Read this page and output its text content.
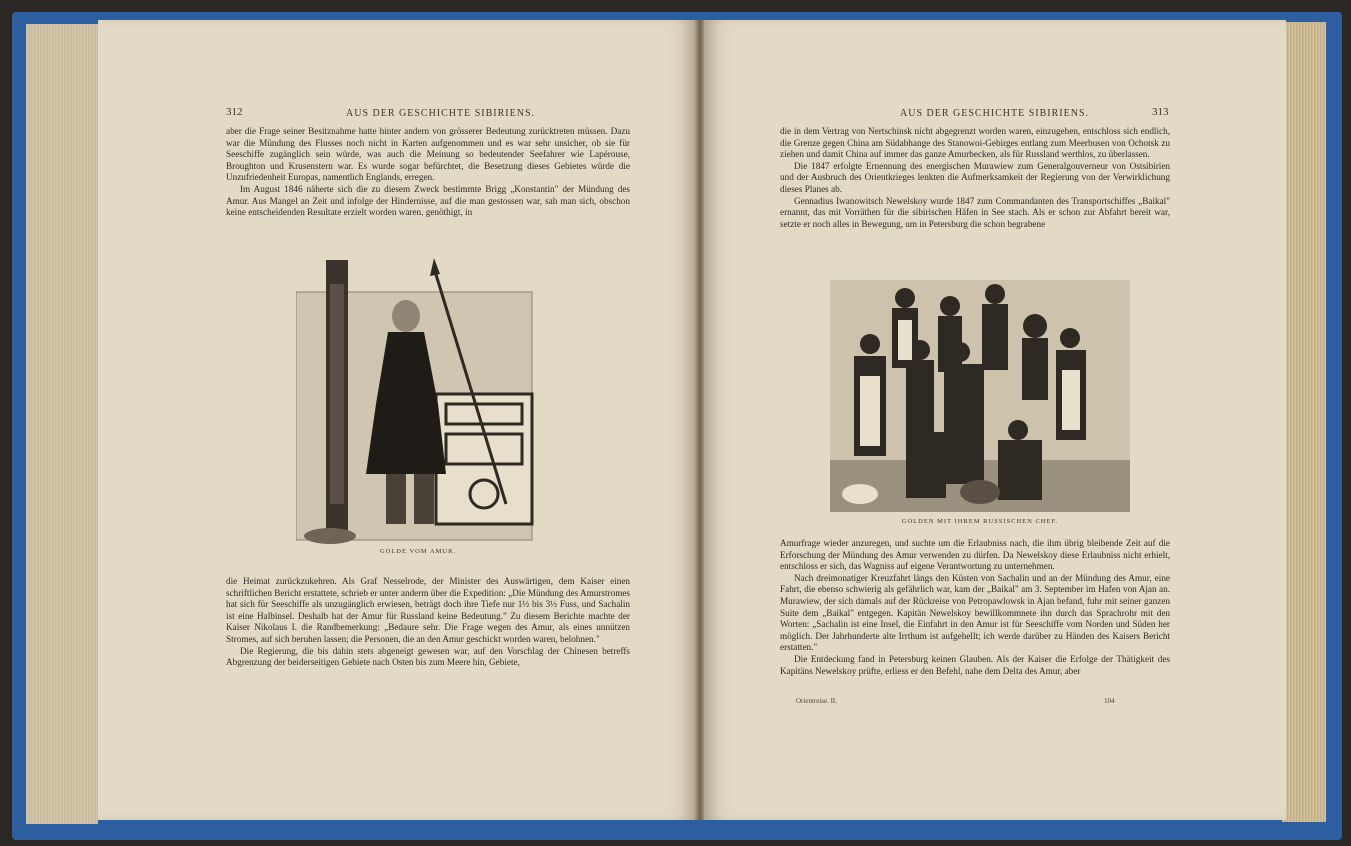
312	AUS DER GESCHICHTE SIBIRIENS.

aber die Frage seiner Besitznahme hatte hinter andern von grösserer Bedeutung zurücktreten müssen. Dazu war die Mündung des Flusses noch nicht in Karten aufgenommen und es war sehr unsicher, ob sie für Seeschiffe zugänglich sein würde, was auch die Meinung so bedeutender Seefahrer wie Lapérouse, Broughton und Krusenstern war. Es wurde sogar befürchtet, die Besetzung dieses Gebietes würde die Unzufriedenheit Europas, namentlich Englands, erregen.

Im August 1846 näherte sich die zu diesem Zweck bestimmte Brigg „Konstantin" der Mündung des Amur. Aus Mangel an Zeit und infolge der Hindernisse, auf die man gestossen war, sah man sich, obschon keine entscheidenden Resultate erzielt worden waren, genöthigt, in

GOLDE VOM AMUR.

die Heimat zurückzukehren. Als Graf Nesselrode, der Minister des Auswärtigen, dem Kaiser einen schriftlichen Bericht erstattete, schrieb er unter anderm über die Expedition: „Die Mündung des Amurstromes hat sich für Seeschiffe als unzugänglich erwiesen, beträgt doch ihre Tiefe nur 1½ bis 3½ Fuss, und Sachalin ist eine Halbinsel. Deshalb hat der Amur für Russland keine Bedeutung." Zu diesem Berichte machte der Kaiser Nikolaus I. die Randbemerkung: „Bedaure sehr. Die Frage wegen des Amur, als eines unnützen Stromes, auf sich beruhen lassen; die Personen, die an den Amur geschickt worden waren, belohnen."

Die Regierung, die bis dahin stets abgeneigt gewesen war, auf den Vorschlag der Chinesen betreffs Abgrenzung der beiderseitigen Gebiete nach Osten bis zum Meere hin, Gebiete,

AUS DER GESCHICHTE SIBIRIENS.	313

die in dem Vertrag von Nertschinsk nicht abgegrenzt worden waren, einzugehen, entschloss sich endlich, die Grenze gegen China am Südabhange des Stanowoi-Gebirges entlang zum Meerbusen von Ochotsk zu ziehen und damit China auf immer das ganze Amurbecken, als für Russland werthlos, zu überlassen.

Die 1847 erfolgte Ernennung des energischen Murawiew zum Generalgouverneur von Ostsibirien und der Ausbruch des Orientkrieges lenkten die Aufmerksamkeit der Regierung von der Verwirklichung dieses Planes ab.

Gennadius Iwanowitsch Newelskoy wurde 1847 zum Commandanten des Transportschiffes „Baikal" ernannt, das mit Vorräthen für die sibirischen Häfen in See stach. Als er schon zur Abfahrt bereit war, setzte er noch alles in Bewegung, um in Petersburg die schon begrabene

GOLDEN MIT IHREM RUSSISCHEN CHEF.

Amurfrage wieder anzuregen, und suchte um die Erlaubniss nach, die ihm übrig bleibende Zeit auf die Erforschung der Mündung des Amur verwenden zu dürfen. Da Newelskoy diese Erlaubniss nicht erhielt, entschloss er sich, das Wagniss auf eigene Verantwortung zu unternehmen.

Nach dreimonatiger Kreuzfahrt längs den Küsten von Sachalin und an der Mündung des Amur, eine Fahrt, die ebenso schwierig als gefährlich war, kam der „Baikal" am 3. September im Hafen von Ajan an. Murawiew, der sich damals auf der Rückreise von Petropawlowsk in Ajan befand, fuhr mit seiner ganzen Suite dem „Baikal" entgegen. Kapitän Newelskoy bewillkommnete ihn durch das Sprachrohr mit den Worten: „Sachalin ist eine Insel, die Einfahrt in den Amur ist für Seeschiffe vom Norden und Süden her möglich. Der Jahrhunderte alte Irrthum ist aufgehellt; ich werde darüber zu Händen des Kaisers Bericht erstatten."

Die Entdeckung fand in Petersburg keinen Glauben. Als der Kaiser die Erfolge der Thätigkeit des Kapitäns Newelskoy prüfte, erliess er den Befehl, nahe dem Delta des Amur, aber

Orientreise. II.	104
